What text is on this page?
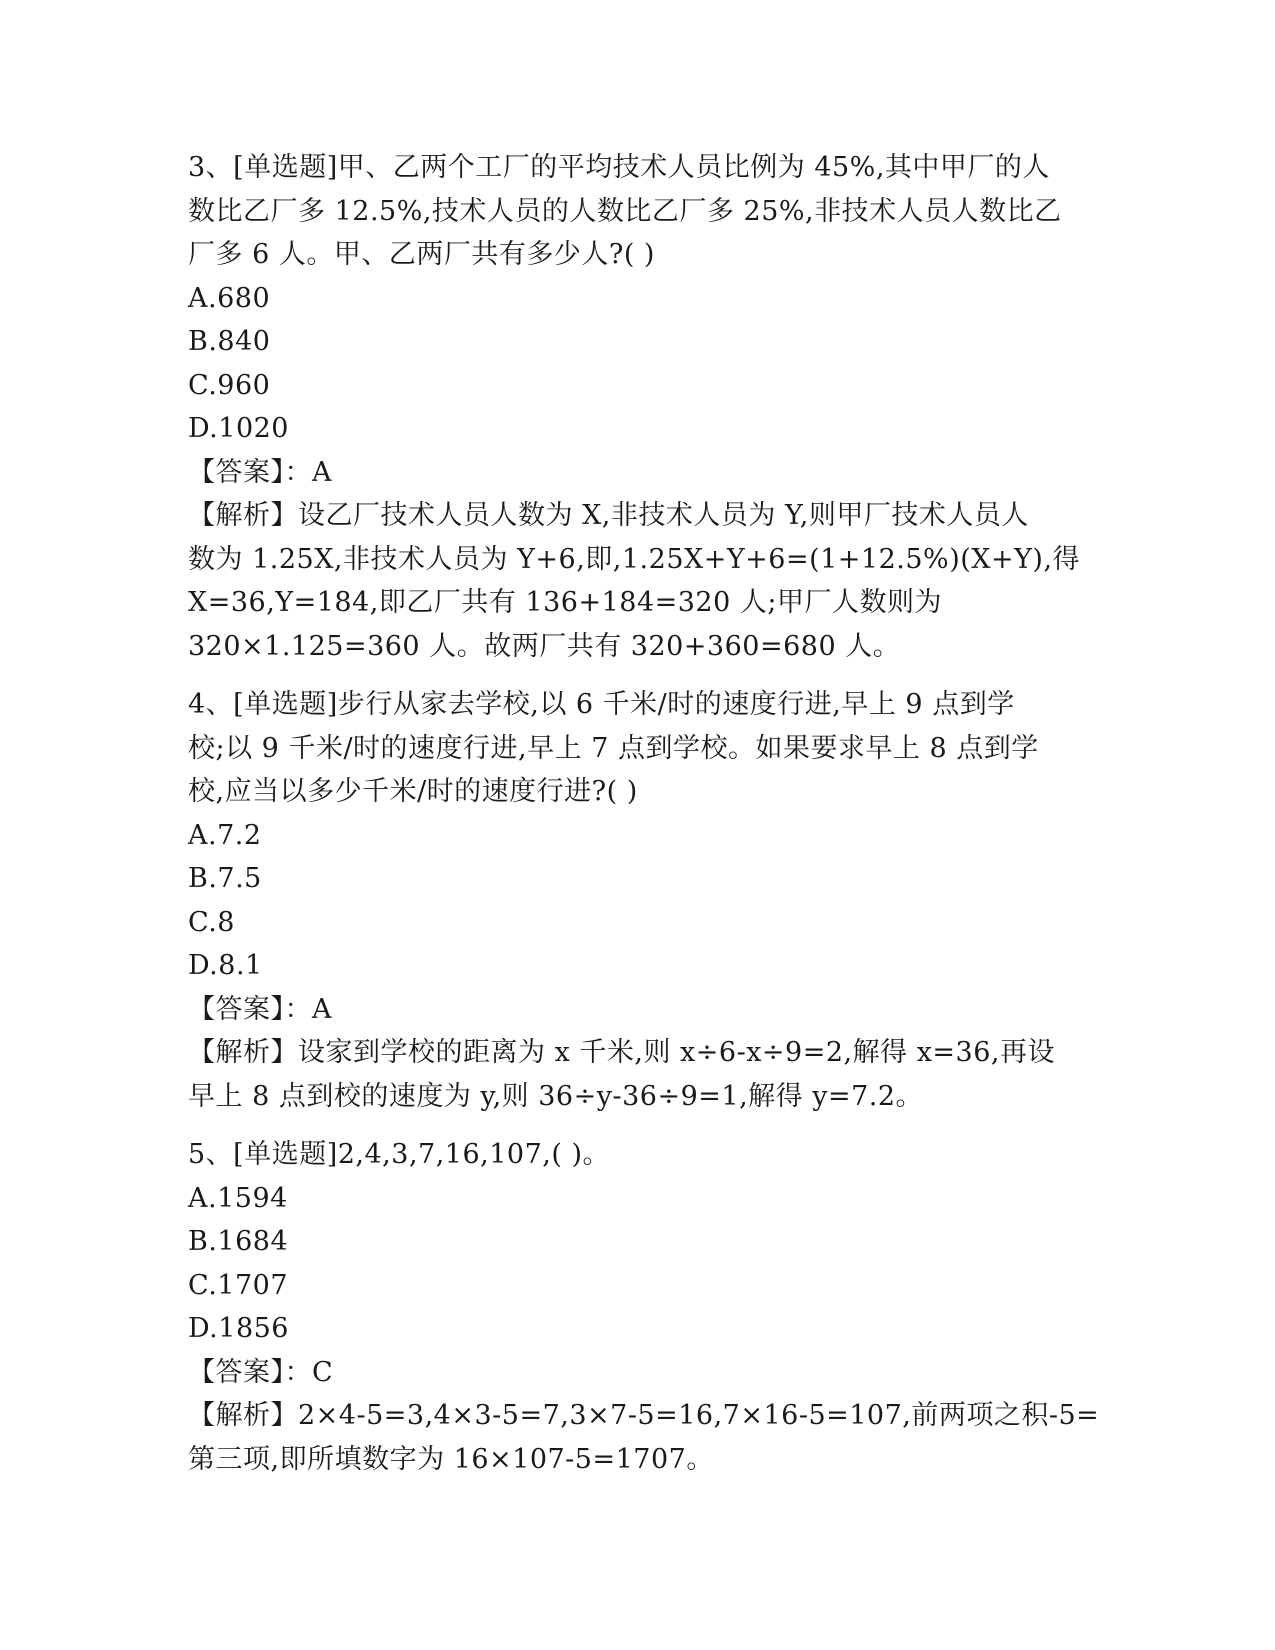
3、[单选题]甲、乙两个工厂的平均技术人员比例为 45%,其中甲厂的人
数比乙厂多 12.5%,技术人员的人数比乙厂多 25%,非技术人员人数比乙
厂多 6 人。甲、乙两厂共有多少人?( )
A.680
B.840
C.960
D.1020
【答案】：A
【解析】设乙厂技术人员人数为 X,非技术人员为 Y,则甲厂技术人员人
数为 1.25X,非技术人员为 Y+6,即,1.25X+Y+6=(1+12.5%)(X+Y),得
X=36,Y=184,即乙厂共有 136+184=320 人;甲厂人数则为
320×1.125=360 人。故两厂共有 320+360=680 人。
4、[单选题]步行从家去学校,以 6 千米/时的速度行进,早上 9 点到学
校;以 9 千米/时的速度行进,早上 7 点到学校。如果要求早上 8 点到学
校,应当以多少千米/时的速度行进?( )
A.7.2
B.7.5
C.8
D.8.1
【答案】：A
【解析】设家到学校的距离为 x 千米,则 x÷6-x÷9=2,解得 x=36,再设
早上 8 点到校的速度为 y,则 36÷y-36÷9=1,解得 y=7.2。
5、[单选题]2,4,3,7,16,107,( )。
A.1594
B.1684
C.1707
D.1856
【答案】：C
【解析】2×4-5=3,4×3-5=7,3×7-5=16,7×16-5=107,前两项之积-5=
第三项,即所填数字为 16×107-5=1707。
